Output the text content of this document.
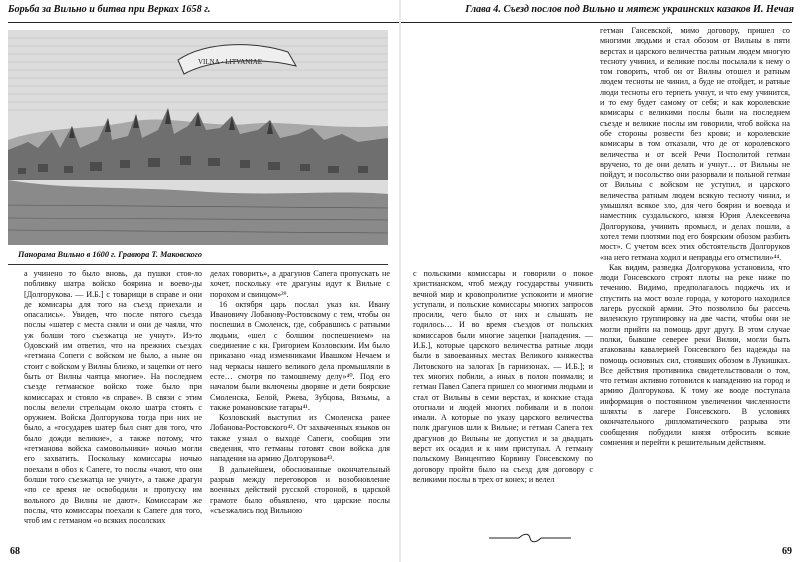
Борьба за Вильно и битва при Верках 1658 г.
VILNA · LITVANIAE
Панорама Вильно в 1600 г. Гравюра Т. Маковского

а учинено то было вновь, да пушки стоя-ло побливку шатра войско боярина и воево-ды [Долгорукова. — И.Б.] с товарищи в справе и они де комисары для того на съезд приехали и опасались». Увидев, что после пятого съезда послы «шатер с места сняли и они де чаяли, что уж болши того съезжатца не учнут». Из-то Одовский им ответил, что на прежних съездах «гетмана Сопеги с войском не было, а ныне он стоит с войском у Вилны близко, и зацепки от него быть от Вилны чаятца многие». На последнем съезде гетманское войско тоже было при комиссарах и стояло «в справе». В связи с этим послы велели стрельцам около шатра стоять с оружием. Войска Долгорукова тогда при них не было, а «государев шатер был снят для того, что было дожди великие», а также потому, что «гетманова войска самовольники» ночью могли его захватить. Поскольку комиссары ночью поехали в обоз к Сапеге, то послы «чают, что они болши того съезжатца не учнут», а также драгун «по се время не освободили и пропуску им вольного до Вилны не дают». Комиссарам же послы, что комиссары поехали к Сапеге для того, чтоб им с гетманом «о всяких посолских

делах говорить», а драгунов Сапега пропускать не хочет, поскольку «те драгуны идут к Вильне с порохом и свинцом»³⁹.

16 октября царь послал указ кн. Ивану Ивановичу Лобанову-Ростовскому с тем, чтобы он поспешил в Смоленск, где, собравшись с ратными людьми, «шел с болшим поспешением» на соединение с кн. Григорием Козловским. Им было приказано «над изменниками Ивашком Нечаем и над черкасы нашего великого дела промышляли в есте… смотря по тамошнему делу»⁴⁰. Под его началом были включены дворяне и дети боярские Смоленска, Белой, Ржева, Зубцова, Вязьмы, а также романовские татары⁴¹.

Козловский выступил из Смоленска ранее Лобанова-Ростовского⁴². От захваченных языков он также узнал о выходе Сапеги, сообщив эти сведения, что гетманы готовят свои войска для нападения на армию Долгорукова⁴³.

В дальнейшем, обоснованные окончательный разрыв между переговоров и возобновление военных действий русской стороной, в царской грамоте было объявлено, что царские послы «съезжались под Вильною

68
Глава 4. Съезд послов под Вильно и мятеж украинских казаков И. Нечая

с польскими комиссары и говорили о покое христианском, чтоб между государствы учинить вечной мир и кровопролитие успокоити и многие уступали, и польские комиссары многих запросов просили, чего было от них и слышать не годилось… И во время съездов от польских комиссаров были многие зацепки [нападения. — И.Б.], которые царского величества ратные люди были в завоеванных местах Великого княжества Литовского на залогах [в гарнизонах. — И.Б.]; и тех многих побили, а иных в полон поимали; и гетман Павел Сапега пришел со многими людьми и стал от Вильны в семи верстах, и конские стада отогнали и людей многих побивали и в полон имали. А которые по указу царского величества полк драгунов шли к Вильне; и гетман Сапега тех драгунов до Вильны не допустил и за двадцать верст их осадил и к ним приступал. А гетману польскому Винцентию Корвину Гонсевскому по договору пройти было на съезд для договору с великими послы в трех от конех; и велел

гетман Гансевской, мимо договору, пришел со многими людьми и стал обозом от Вильны в пяти верстах и царского величества ратным людем многую тесноту учинил, и великие послы посылали к нему о том говорить, чтоб он от Вилны отошел и ратным людем тесноты не чинил, а буде не отойдет, и ратные люди тесноты его терпеть учнут, и что ему учинится, и то ему будет самому от себя; и как королевские комисары с великими послы были на последнем съезде и великие послы им говорили, чтоб войска на обе стороны розвести без крови; и королевские комисары в том отказали, что де от королевского величества и от всей Речи Посполитой гетман вручено, то де они делать и учнут… от Вильны не пойдут, и посольство они разорвали и польной гетман от Вильны с войском не уступил, и царского величества ратным людем всякую тесноту чинил, и умышлял всякое зло, для чего боярин и воевода и наместник суздальского, князя Юрия Алексеевича Долгорукова, учинить промысл, и делах пошли, а хотел теми плотями под его боярским обозом разбить мост». С учетом всех этих обстоятельств Долгоруков «на него гетмана ходил и неправды его отмстили»⁴⁴.

Как видим, разведка Долгорукова установила, что люди Гонсевского строят плоты на реке ниже по течению. Видимо, предполагалось поджечь их и спустить на мост возле города, у которого находился лагерь русской армии. Это позволило бы рассечь виленскую группировку на две части, чтобы они не могли прийти на помощь друг другу. В этом случае полки, бывшие северее реки Вилии, могли быть атакованы кавалерией Гонсевского без надежды на помощь основных сил, стоявших обозом в Лукишках. Все действия противника свидетельствовали о том, что гетман активно готовился к нападению на город и армию Долгорукова. К тому же вооде поступала информация о постоянном увеличении численности шляхты в лагере Гонсевского. В условиях окончательного дипломатического разрыва эти сообщения побудили князя отбросить всякие сомнения и перейти к решительным действиям.

69
